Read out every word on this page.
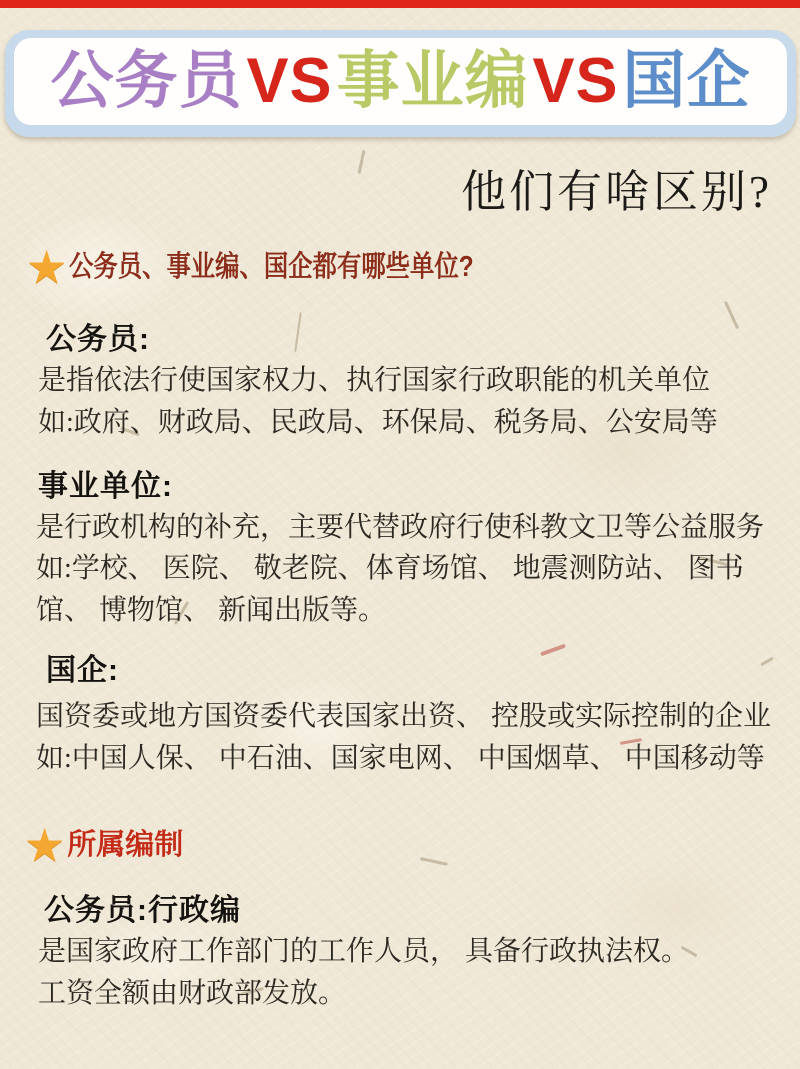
公务员VS事业编VS国企
他们有啥区别?
★ 公务员、事业编、国企都有哪些单位?
公务员:
是指依法行使国家权力、执行国家行政职能的机关单位
如:政府、财政局、民政局、环保局、税务局、公安局等
事业单位:
是行政机构的补充，主要代替政府行使科教文卫等公益服务
如:学校、 医院、 敬老院、体育场馆、 地震测防站、 图书
馆、 博物馆、 新闻出版等。
国企:
国资委或地方国资委代表国家出资、 控股或实际控制的企业
如:中国人保、 中石油、国家电网、 中国烟草、 中国移动等
★ 所属编制
公务员:行政编
是国家政府工作部门的工作人员， 具备行政执法权。
工资全额由财政部发放。
